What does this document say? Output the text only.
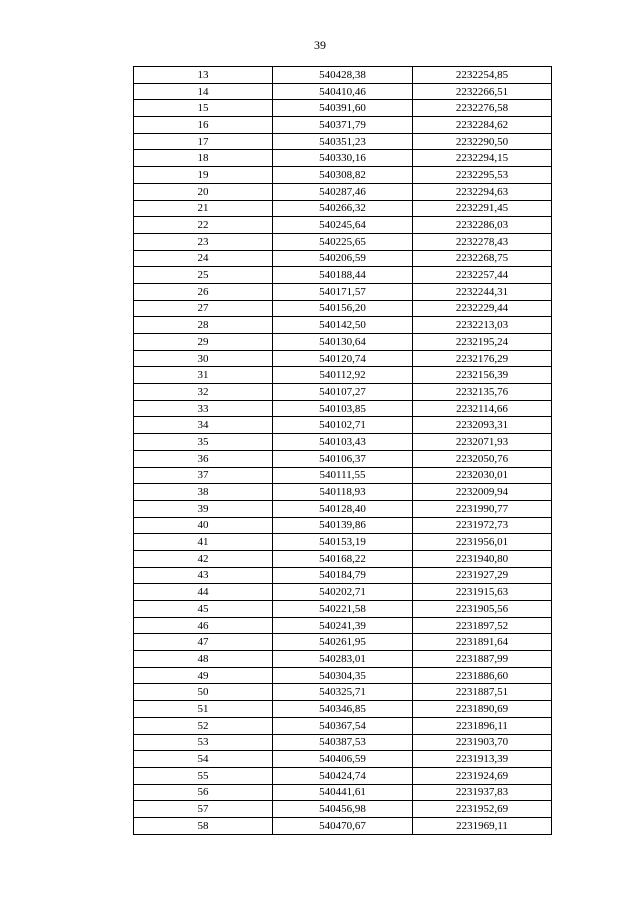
39
13	540428,38	2232254,85
14	540410,46	2232266,51
15	540391,60	2232276,58
16	540371,79	2232284,62
17	540351,23	2232290,50
18	540330,16	2232294,15
19	540308,82	2232295,53
20	540287,46	2232294,63
21	540266,32	2232291,45
22	540245,64	2232286,03
23	540225,65	2232278,43
24	540206,59	2232268,75
25	540188,44	2232257,44
26	540171,57	2232244,31
27	540156,20	2232229,44
28	540142,50	2232213,03
29	540130,64	2232195,24
30	540120,74	2232176,29
31	540112,92	2232156,39
32	540107,27	2232135,76
33	540103,85	2232114,66
34	540102,71	2232093,31
35	540103,43	2232071,93
36	540106,37	2232050,76
37	540111,55	2232030,01
38	540118,93	2232009,94
39	540128,40	2231990,77
40	540139,86	2231972,73
41	540153,19	2231956,01
42	540168,22	2231940,80
43	540184,79	2231927,29
44	540202,71	2231915,63
45	540221,58	2231905,56
46	540241,39	2231897,52
47	540261,95	2231891,64
48	540283,01	2231887,99
49	540304,35	2231886,60
50	540325,71	2231887,51
51	540346,85	2231890,69
52	540367,54	2231896,11
53	540387,53	2231903,70
54	540406,59	2231913,39
55	540424,74	2231924,69
56	540441,61	2231937,83
57	540456,98	2231952,69
58	540470,67	2231969,11
